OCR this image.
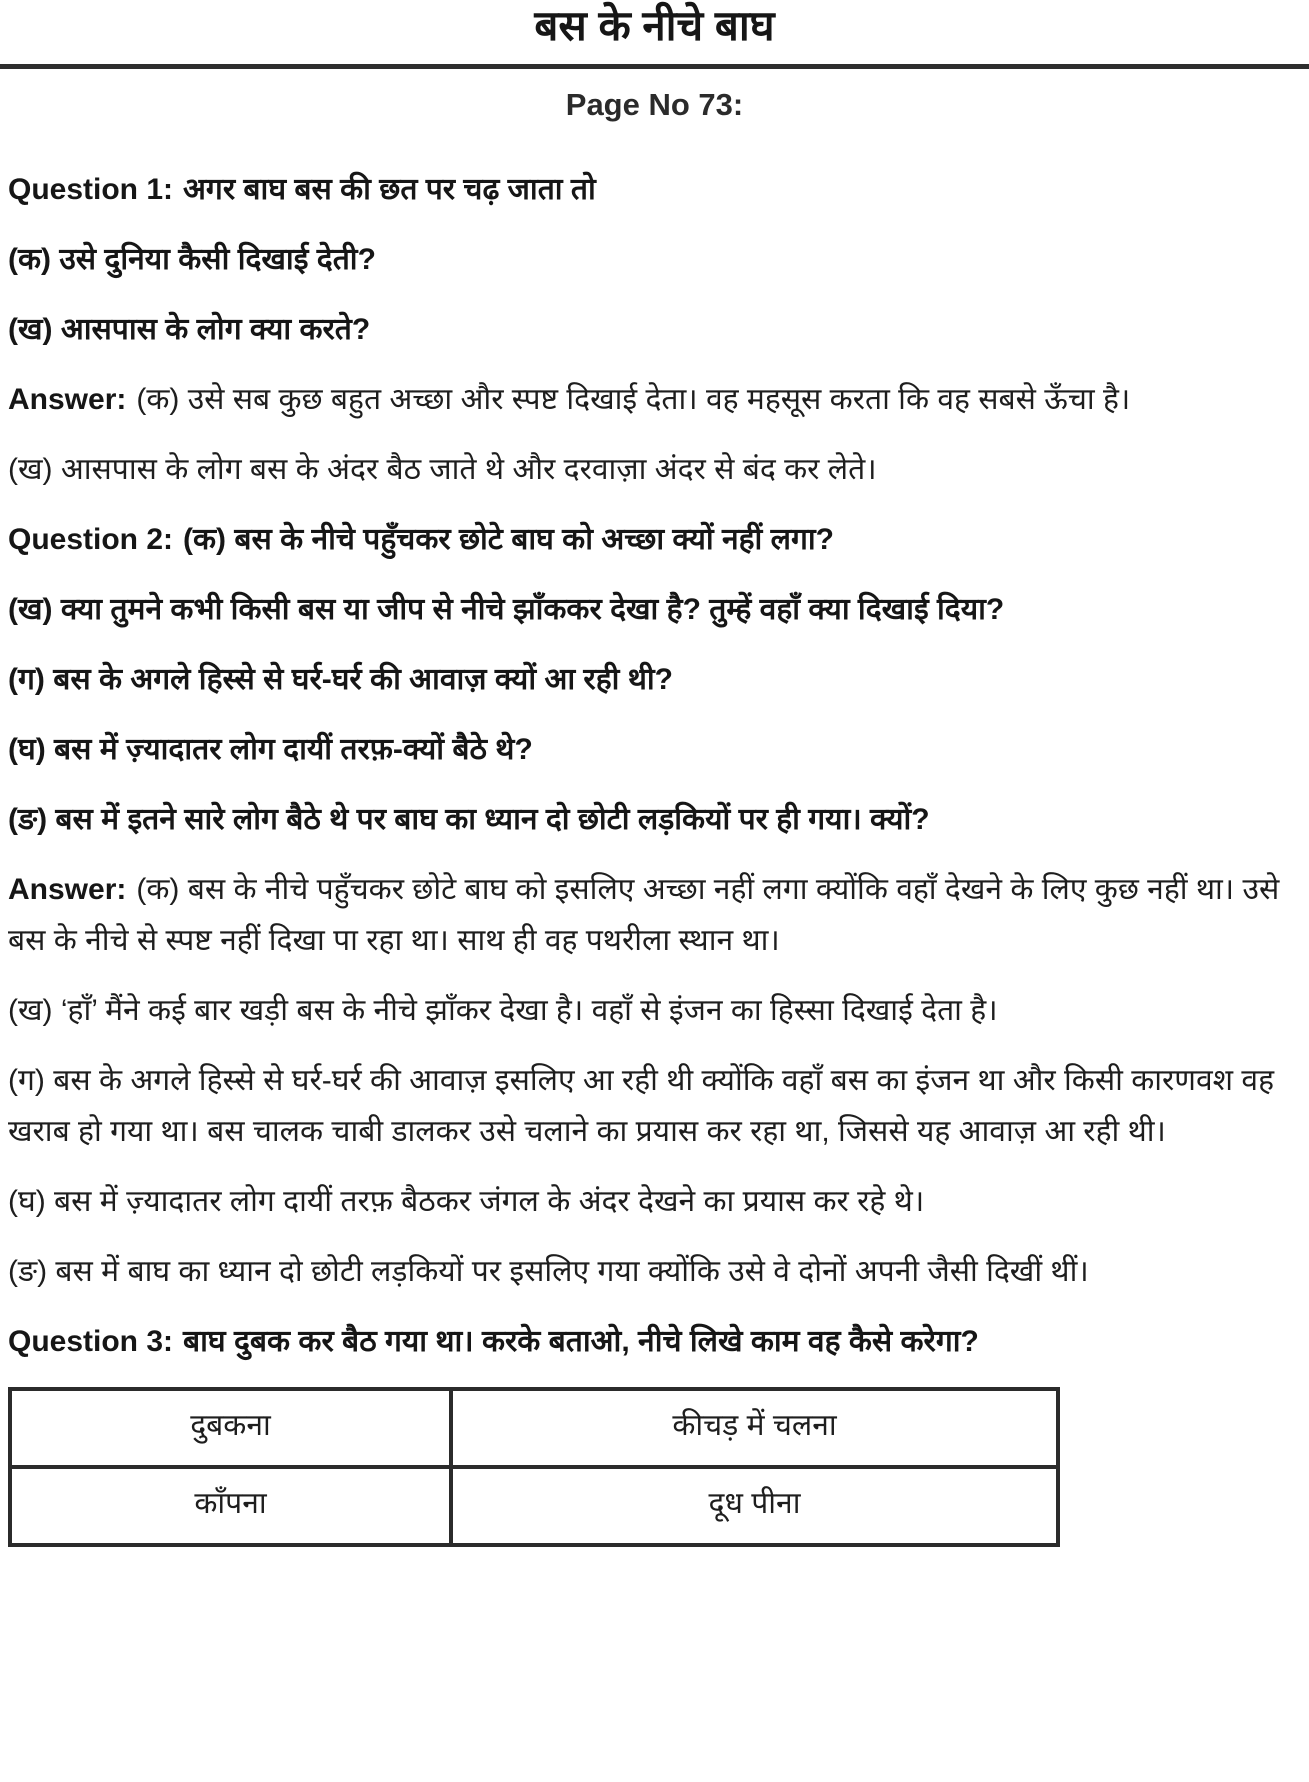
बस के नीचे बाघ
Page No 73:

Question 1: अगर बाघ बस की छत पर चढ़ जाता तो

(क) उसे दुनिया कैसी दिखाई देती?

(ख) आसपास के लोग क्या करते?

Answer: (क) उसे सब कुछ बहुत अच्छा और स्पष्ट दिखाई देता। वह महसूस करता कि वह सबसे ऊँचा है।

(ख) आसपास के लोग बस के अंदर बैठ जाते थे और दरवाज़ा अंदर से बंद कर लेते।

Question 2: (क) बस के नीचे पहुँचकर छोटे बाघ को अच्छा क्यों नहीं लगा?

(ख) क्या तुमने कभी किसी बस या जीप से नीचे झाँककर देखा है? तुम्हें वहाँ क्या दिखाई दिया?

(ग) बस के अगले हिस्से से घर्र-घर्र की आवाज़ क्यों आ रही थी?

(घ) बस में ज़्यादातर लोग दायीं तरफ़-क्यों बैठे थे?

(ङ) बस में इतने सारे लोग बैठे थे पर बाघ का ध्यान दो छोटी लड़कियों पर ही गया। क्यों?

Answer: (क) बस के नीचे पहुँचकर छोटे बाघ को इसलिए अच्छा नहीं लगा क्योंकि वहाँ देखने के लिए कुछ नहीं था। उसे बस के नीचे से स्पष्ट नहीं दिखा पा रहा था। साथ ही वह पथरीला स्थान था।

(ख) ‘हाँ’ मैंने कई बार खड़ी बस के नीचे झाँकर देखा है। वहाँ से इंजन का हिस्सा दिखाई देता है।

(ग) बस के अगले हिस्से से घर्र-घर्र की आवाज़ इसलिए आ रही थी क्योंकि वहाँ बस का इंजन था और किसी कारणवश वह खराब हो गया था। बस चालक चाबी डालकर उसे चलाने का प्रयास कर रहा था, जिससे यह आवाज़ आ रही थी।

(घ) बस में ज़्यादातर लोग दायीं तरफ़ बैठकर जंगल के अंदर देखने का प्रयास कर रहे थे।

(ङ) बस में बाघ का ध्यान दो छोटी लड़कियों पर इसलिए गया क्योंकि उसे वे दोनों अपनी जैसी दिखीं थीं।

Question 3: बाघ दुबक कर बैठ गया था। करके बताओ, नीचे लिखे काम वह कैसे करेगा?

दुबकना	कीचड़ में चलना
काँपना	दूध पीना
